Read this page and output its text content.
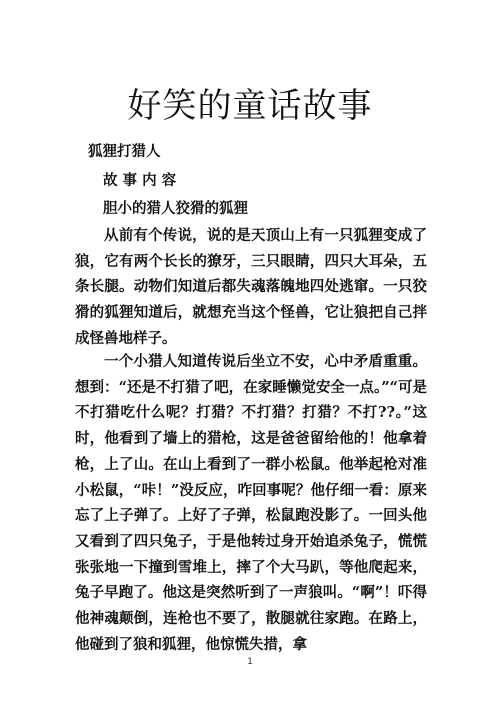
好笑的童话故事
狐狸打猎人
故 事 内 容
胆小的猎人狡猾的狐狸

从前有个传说，说的是天顶山上有一只狐狸变成了狼，它有两个长长的獠牙，三只眼睛，四只大耳朵，五条长腿。动物们知道后都失魂落魄地四处逃窜。一只狡猾的狐狸知道后，就想充当这个怪兽，它让狼把自己拌成怪兽地样子。

一个小猎人知道传说后坐立不安，心中矛盾重重。想到：“还是不打猎了吧，在家睡懒觉安全一点。”“可是不打猎吃什么呢？打猎？不打猎？打猎？不打??。”这时，他看到了墙上的猎枪，这是爸爸留给他的！他拿着枪，上了山。在山上看到了一群小松鼠。他举起枪对准小松鼠，“咔！”没反应，咋回事呢？他仔细一看：原来忘了上子弹了。上好了子弹，松鼠跑没影了。一回头他又看到了四只兔子，于是他转过身开始追杀兔子，慌慌张张地一下撞到雪堆上，摔了个大马趴，等他爬起来，兔子早跑了。他这是突然听到了一声狼叫。“啊”！吓得他神魂颠倒，连枪也不要了，散腿就往家跑。在路上，他碰到了狼和狐狸，他惊慌失措，拿

1
